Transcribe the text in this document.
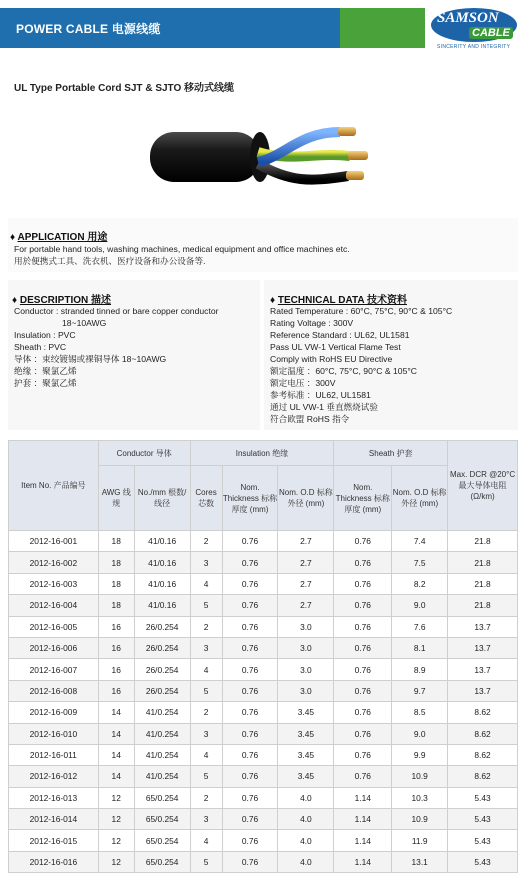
POWER CABLE 电源线缆
SAMSON
CABLE
SINCERITY AND INTEGRITY
UL Type Portable Cord SJT & SJTO 移动式线缆
♦ APPLICATION 用途
For portable hand tools, washing machines, medical equipment and office machines etc.
用於便携式工具、洗衣机、医疗设备和办公设备等.
♦ DESCRIPTION 描述
Conductor : stranded tinned or bare copper conductor
18~10AWG
Insulation : PVC
Sheath : PVC
导体 ：束绞镀锡或裸铜导体 18~10AWG
绝缘 ：聚氯乙烯
护套 ：聚氯乙烯
♦ TECHNICAL DATA 技术资料
Rated Temperature : 60°C, 75°C, 90°C & 105°C
Rating Voltage : 300V
Reference Standard : UL62, UL1581
Pass UL VW-1 Vertical Flame Test
Comply with RoHS EU Directive
额定温度 ：60°C, 75°C, 90°C & 105°C
额定电压 ：300V
参考标准 ：UL62, UL1581
通过 UL VW-1 垂直燃烧试验
符合欧盟 RoHS 指令
Item No. 产品编号	Conductor 导体		Insulation 绝缘			Sheath 护套		Max. DCR @20°C 最大导体电阻 (Ω/km)
	AWG 线规	No./mm 根数/线径	Cores 芯数	Nom. Thickness 标称厚度 (mm)	Nom. O.D 标称外径 (mm)	Nom. Thickness 标称厚度 (mm)	Nom. O.D 标称外径 (mm)	
2012-16-001	18	41/0.16	2	0.76	2.7	0.76	7.4	21.8
2012-16-002	18	41/0.16	3	0.76	2.7	0.76	7.5	21.8
2012-16-003	18	41/0.16	4	0.76	2.7	0.76	8.2	21.8
2012-16-004	18	41/0.16	5	0.76	2.7	0.76	9.0	21.8
2012-16-005	16	26/0.254	2	0.76	3.0	0.76	7.6	13.7
2012-16-006	16	26/0.254	3	0.76	3.0	0.76	8.1	13.7
2012-16-007	16	26/0.254	4	0.76	3.0	0.76	8.9	13.7
2012-16-008	16	26/0.254	5	0.76	3.0	0.76	9.7	13.7
2012-16-009	14	41/0.254	2	0.76	3.45	0.76	8.5	8.62
2012-16-010	14	41/0.254	3	0.76	3.45	0.76	9.0	8.62
2012-16-011	14	41/0.254	4	0.76	3.45	0.76	9.9	8.62
2012-16-012	14	41/0.254	5	0.76	3.45	0.76	10.9	8.62
2012-16-013	12	65/0.254	2	0.76	4.0	1.14	10.3	5.43
2012-16-014	12	65/0.254	3	0.76	4.0	1.14	10.9	5.43
2012-16-015	12	65/0.254	4	0.76	4.0	1.14	11.9	5.43
2012-16-016	12	65/0.254	5	0.76	4.0	1.14	13.1	5.43
